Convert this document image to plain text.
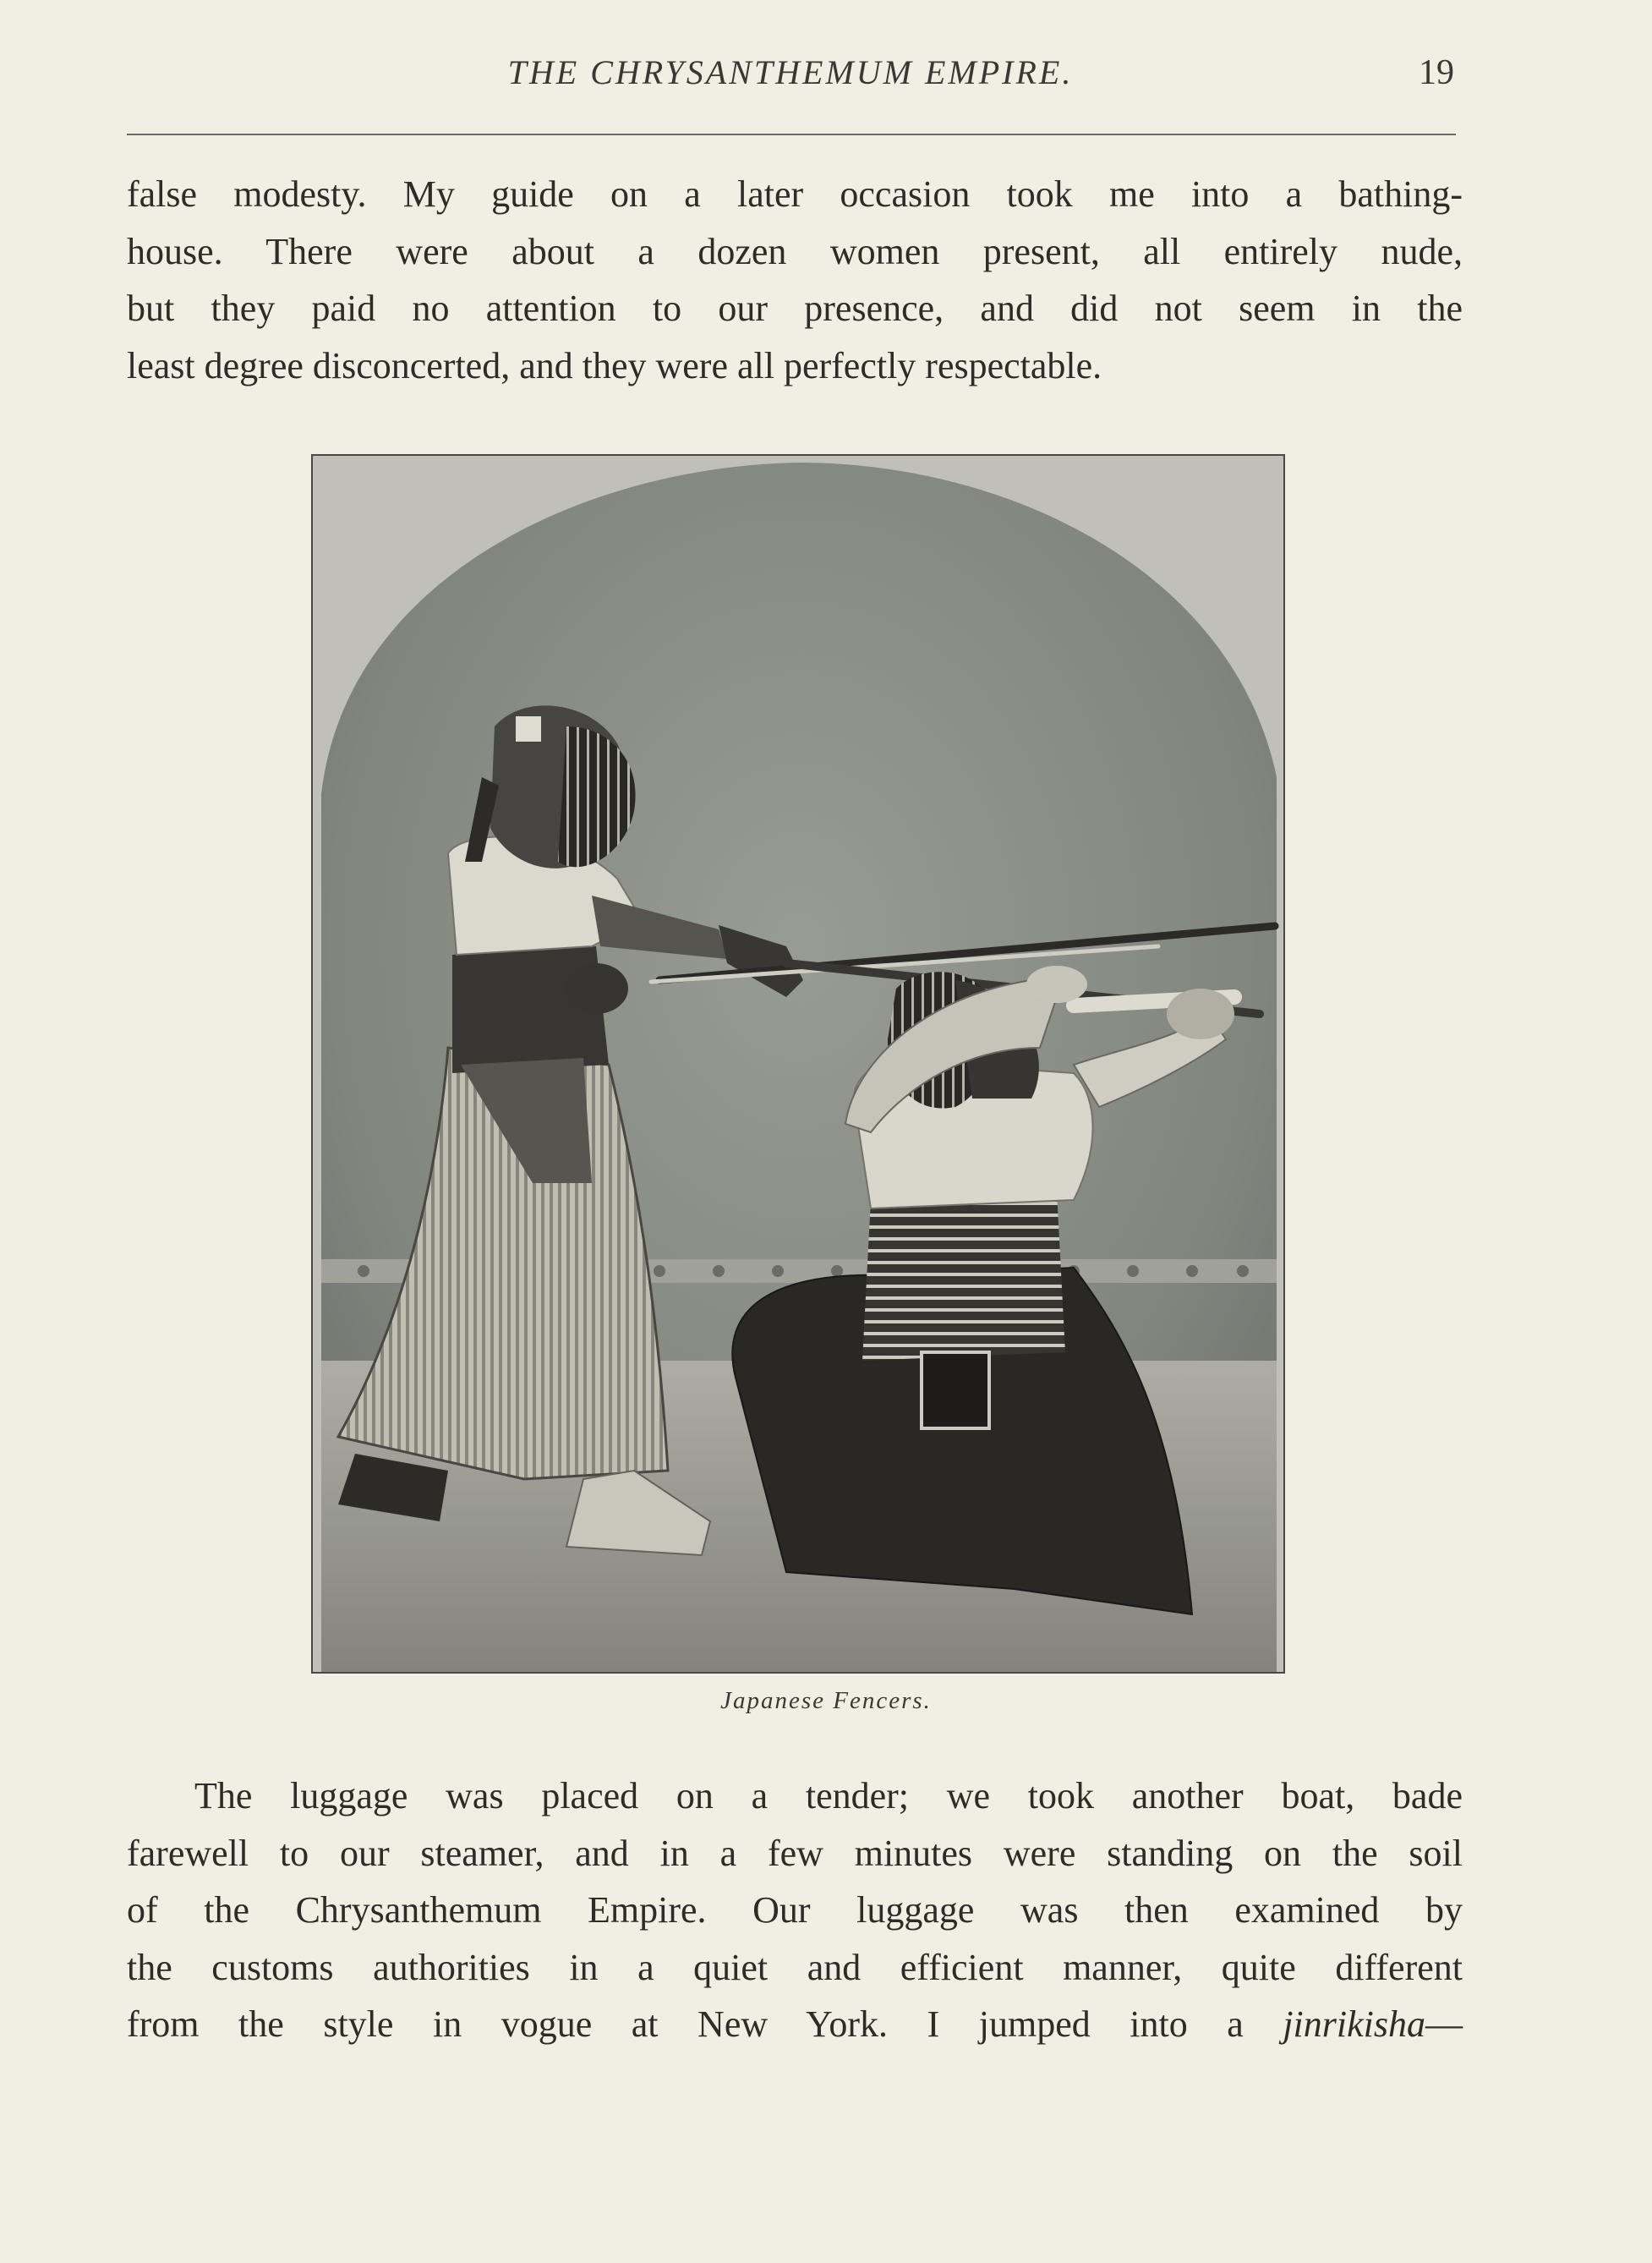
THE CHRYSANTHEMUM EMPIRE.	19
false modesty. My guide on a later occasion took me into a bathing-
house. There were about a dozen women present, all entirely nude,
but they paid no attention to our presence, and did not seem in the
least degree disconcerted, and they were all perfectly respectable.
Japanese Fencers.
The luggage was placed on a tender; we took another boat, bade
farewell to our steamer, and in a few minutes were standing on the soil
of the Chrysanthemum Empire. Our luggage was then examined by
the customs authorities in a quiet and efficient manner, quite different
from the style in vogue at New York. I jumped into a jinrikisha—
